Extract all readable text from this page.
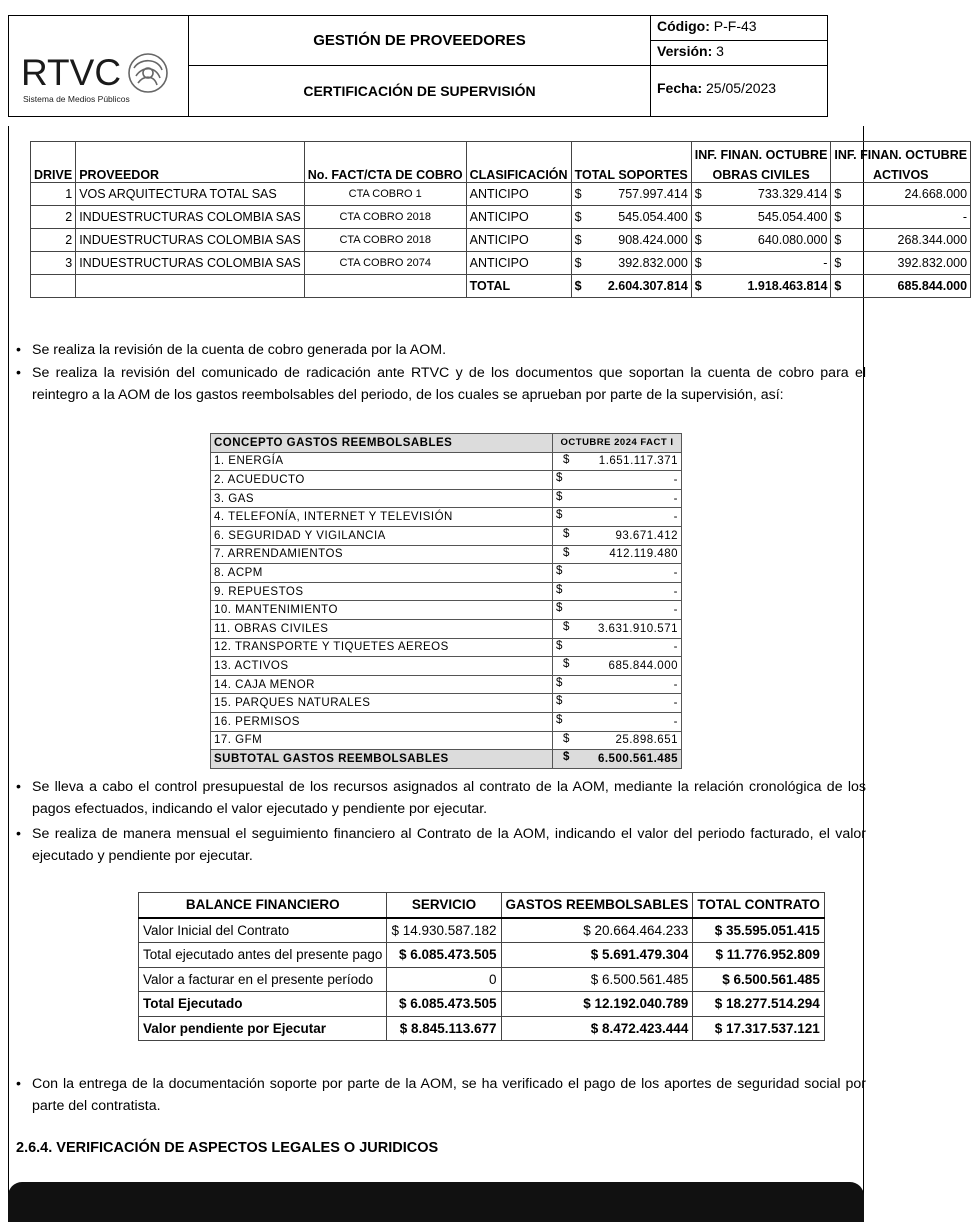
RTVC
Sistema de Medios Públicos
GESTIÓN DE PROVEEDORES
CERTIFICACIÓN DE SUPERVISIÓN
Código: P-F-43
Versión: 3
Fecha: 25/05/2023
DRIVE	PROVEEDOR	No. FACT/CTA DE COBRO	CLASIFICACIÓN	TOTAL SOPORTES		INF. FINAN. OCTUBRE		INF. FINAN. OCTUBRE	
						OBRAS CIVILES		ACTIVOS	
1	VOS ARQUITECTURA TOTAL SAS	CTA COBRO 1	ANTICIPO	$	757.997.414	$	733.329.414	$	24.668.000
2	INDUESTRUCTURAS COLOMBIA SAS	CTA COBRO 2018	ANTICIPO	$	545.054.400	$	545.054.400	$	-
2	INDUESTRUCTURAS COLOMBIA SAS	CTA COBRO 2018	ANTICIPO	$	908.424.000	$	640.080.000	$	268.344.000
3	INDUESTRUCTURAS COLOMBIA SAS	CTA COBRO 2074	ANTICIPO	$	392.832.000	$	-	$	392.832.000
			TOTAL	$	2.604.307.814	$	1.918.463.814	$	685.844.000
• Se realiza la revisión de la cuenta de cobro generada por la AOM.
• Se realiza la revisión del comunicado de radicación ante RTVC y de los documentos que soportan la cuenta de cobro para el reintegro a la AOM de los gastos reembolsables del periodo, de los cuales se aprueban por parte de la supervisión, así:
CONCEPTO GASTOS REEMBOLSABLES	OCTUBRE 2024 FACT I
1. ENERGÍA	$ 1.651.117.371

2. ACUEDUCTO	$ -

3. GAS	$ -

4. TELEFONÍA, INTERNET Y TELEVISIÓN	$ -

6. SEGURIDAD Y VIGILANCIA	$ 93.671.412

7. ARRENDAMIENTOS	$ 412.119.480

8. ACPM	$ -

9. REPUESTOS	$ -

10. MANTENIMIENTO	$ -

11. OBRAS CIVILES	$ 3.631.910.571

12. TRANSPORTE Y TIQUETES AEREOS	$ -

13. ACTIVOS	$ 685.844.000

14. CAJA MENOR	$ -

15. PARQUES NATURALES	$ -

16. PERMISOS	$ -

17. GFM	$ 25.898.651

SUBTOTAL GASTOS REEMBOLSABLES	$ 6.500.561.485
• Se lleva a cabo el control presupuestal de los recursos asignados al contrato de la AOM, mediante la relación cronológica de los pagos efectuados, indicando el valor ejecutado y pendiente por ejecutar.
• Se realiza de manera mensual el seguimiento financiero al Contrato de la AOM, indicando el valor del periodo facturado, el valor ejecutado y pendiente por ejecutar.
BALANCE FINANCIERO	SERVICIO	GASTOS REEMBOLSABLES	TOTAL CONTRATO
Valor Inicial del Contrato	$ 14.930.587.182	$ 20.664.464.233	$ 35.595.051.415
Total ejecutado antes del presente pago	$ 6.085.473.505	$ 5.691.479.304	$ 11.776.952.809
Valor a facturar en el presente período	0	$ 6.500.561.485	$ 6.500.561.485
Total Ejecutado	$ 6.085.473.505	$ 12.192.040.789	$ 18.277.514.294
Valor pendiente por Ejecutar	$ 8.845.113.677	$ 8.472.423.444	$ 17.317.537.121
• Con la entrega de la documentación soporte por parte de la AOM, se ha verificado el pago de los aportes de seguridad social por parte del contratista.
2.6.4. VERIFICACIÓN DE ASPECTOS LEGALES O JURIDICOS
